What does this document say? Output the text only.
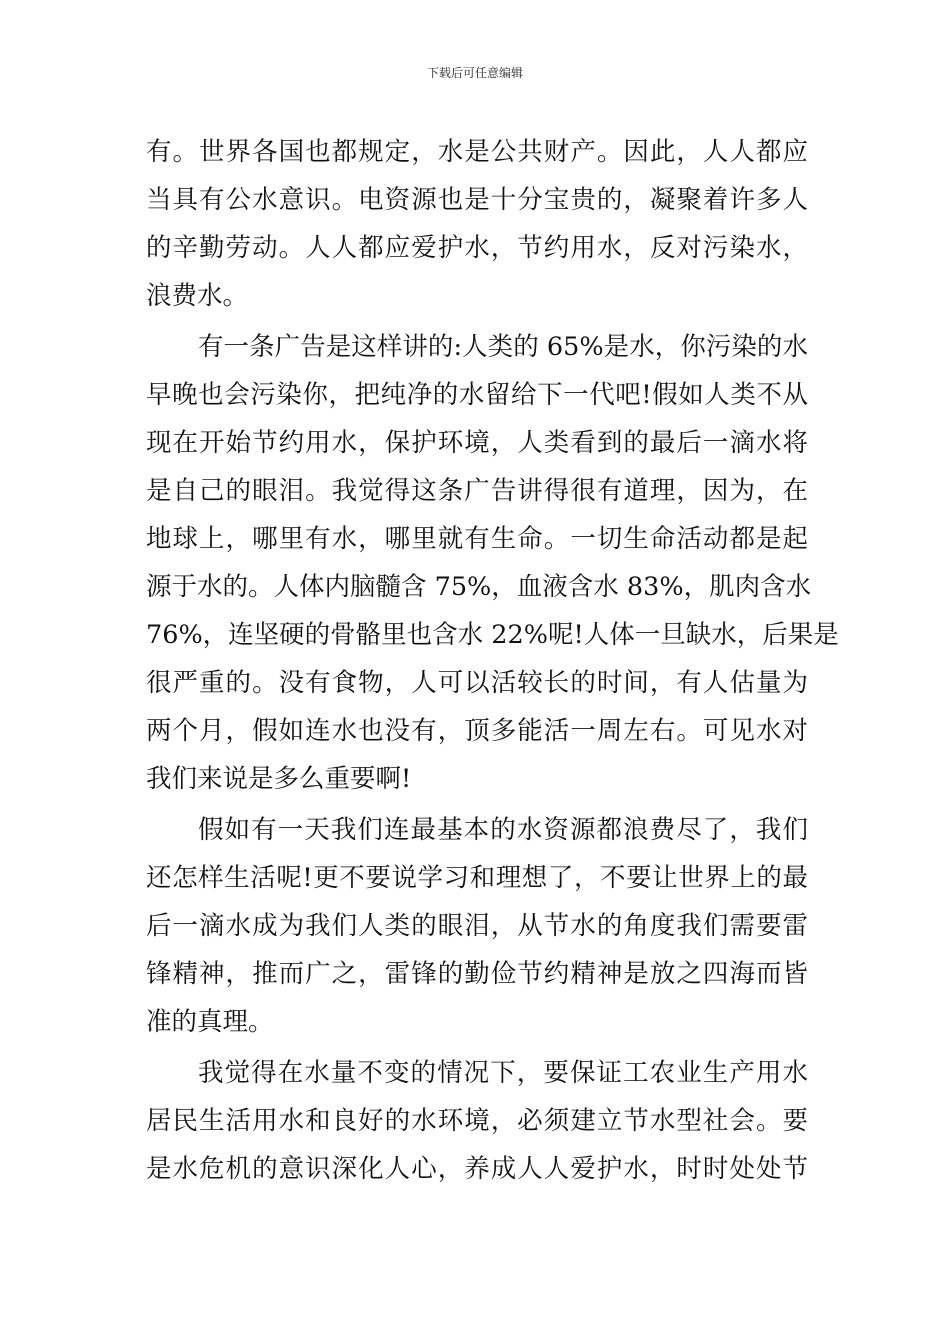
下载后可任意编辑
有。世界各国也都规定，水是公共财产。因此，人人都应
当具有公水意识。电资源也是十分宝贵的，凝聚着许多人
的辛勤劳动。人人都应爱护水，节约用水，反对污染水，
浪费水。
有一条广告是这样讲的:人类的 65%是水，你污染的水
早晚也会污染你，把纯净的水留给下一代吧!假如人类不从
现在开始节约用水，保护环境，人类看到的最后一滴水将
是自己的眼泪。我觉得这条广告讲得很有道理，因为，在
地球上，哪里有水，哪里就有生命。一切生命活动都是起
源于水的。人体内脑髓含 75%，血液含水 83%，肌肉含水
76%，连坚硬的骨骼里也含水 22%呢!人体一旦缺水，后果是
很严重的。没有食物，人可以活较长的时间，有人估量为
两个月，假如连水也没有，顶多能活一周左右。可见水对
我们来说是多么重要啊!
假如有一天我们连最基本的水资源都浪费尽了，我们
还怎样生活呢!更不要说学习和理想了，不要让世界上的最
后一滴水成为我们人类的眼泪，从节水的角度我们需要雷
锋精神，推而广之，雷锋的勤俭节约精神是放之四海而皆
准的真理。
我觉得在水量不变的情况下，要保证工农业生产用水
居民生活用水和良好的水环境，必须建立节水型社会。要
是水危机的意识深化人心，养成人人爱护水，时时处处节
